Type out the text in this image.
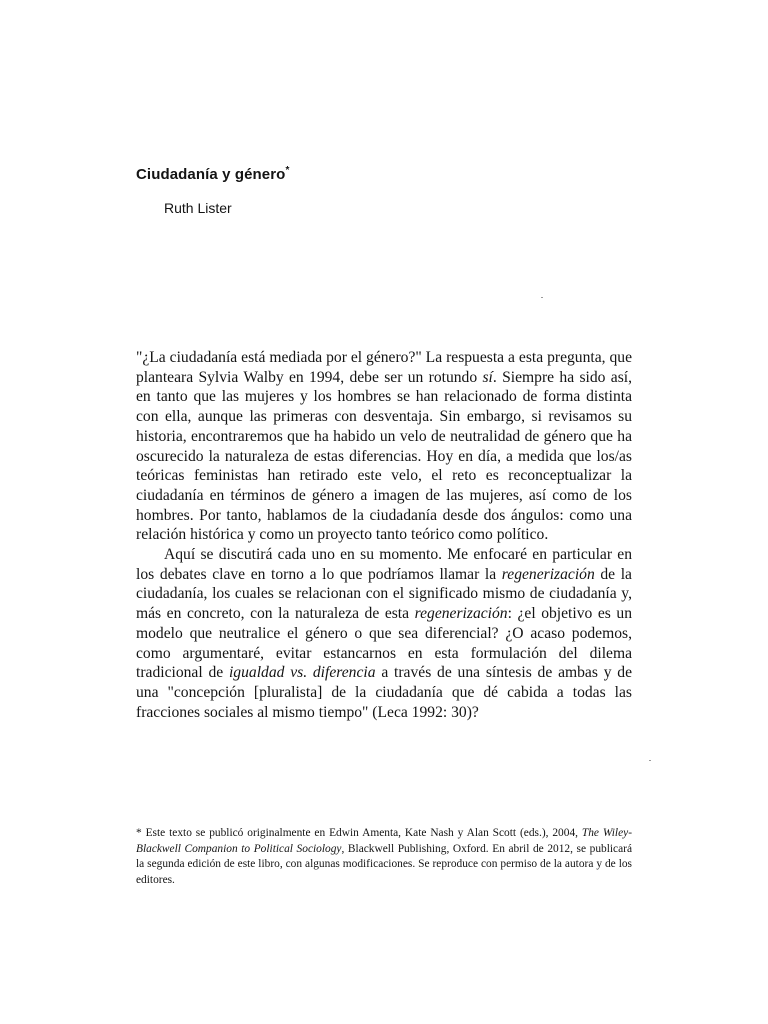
Ciudadanía y género*
Ruth Lister

"¿La ciudadanía está mediada por el género?" La respuesta a esta pregunta, que planteara Sylvia Walby en 1994, debe ser un rotundo sí. Siempre ha sido así, en tanto que las mujeres y los hombres se han relacionado de forma distinta con ella, aunque las primeras con desventaja. Sin embargo, si revisamos su historia, encontraremos que ha habido un velo de neutralidad de género que ha oscurecido la naturaleza de estas diferencias. Hoy en día, a medida que los/as teóricas feministas han retirado este velo, el reto es reconceptualizar la ciudadanía en términos de género a imagen de las mujeres, así como de los hombres. Por tanto, hablamos de la ciudadanía desde dos ángulos: como una relación histórica y como un proyecto tanto teórico como político.

Aquí se discutirá cada uno en su momento. Me enfocaré en particular en los debates clave en torno a lo que podríamos llamar la regenerización de la ciudadanía, los cuales se relacionan con el significado mismo de ciudadanía y, más en concreto, con la naturaleza de esta regenerización: ¿el objetivo es un modelo que neutralice el género o que sea diferencial? ¿O acaso podemos, como argumentaré, evitar estancarnos en esta formulación del dilema tradicional de igualdad vs. diferencia a través de una síntesis de ambas y de una "concepción [pluralista] de la ciudadanía que dé cabida a todas las fracciones sociales al mismo tiempo" (Leca 1992: 30)?

* Este texto se publicó originalmente en Edwin Amenta, Kate Nash y Alan Scott (eds.), 2004, The Wiley-Blackwell Companion to Political Sociology, Blackwell Publishing, Oxford. En abril de 2012, se publicará la segunda edición de este libro, con algunas modificaciones. Se reproduce con permiso de la autora y de los editores.
